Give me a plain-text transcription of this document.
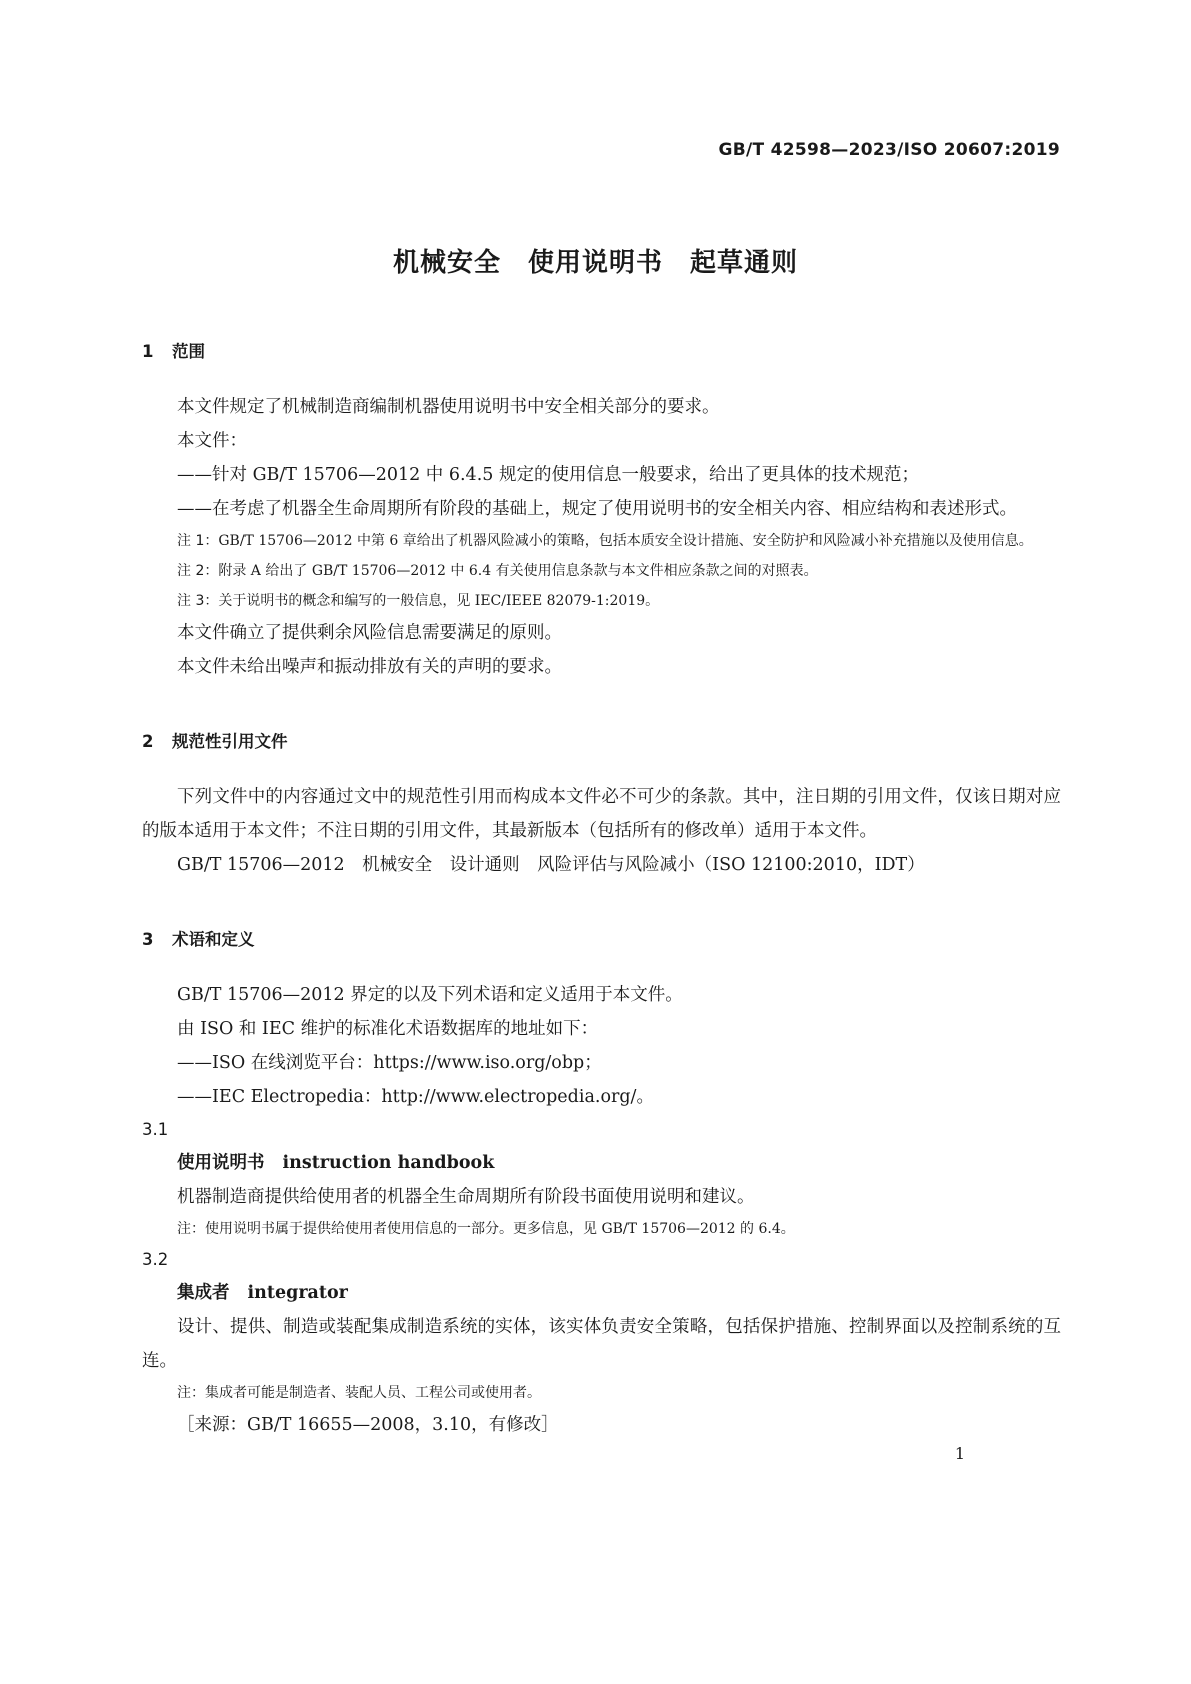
GB/T 42598—2023/ISO 20607:2019
机械安全　使用说明书　起草通则
1 范围

本文件规定了机械制造商编制机器使用说明书中安全相关部分的要求。

本文件：

——针对 GB/T 15706—2012 中 6.4.5 规定的使用信息一般要求，给出了更具体的技术规范；

——在考虑了机器全生命周期所有阶段的基础上，规定了使用说明书的安全相关内容、相应结构和表述形式。

注 1：GB/T 15706—2012 中第 6 章给出了机器风险减小的策略，包括本质安全设计措施、安全防护和风险减小补充措施以及使用信息。

注 2：附录 A 给出了 GB/T 15706—2012 中 6.4 有关使用信息条款与本文件相应条款之间的对照表。

注 3：关于说明书的概念和编写的一般信息，见 IEC/IEEE 82079-1:2019。

本文件确立了提供剩余风险信息需要满足的原则。

本文件未给出噪声和振动排放有关的声明的要求。

2 规范性引用文件

下列文件中的内容通过文中的规范性引用而构成本文件必不可少的条款。其中，注日期的引用文件，仅该日期对应的版本适用于本文件；不注日期的引用文件，其最新版本（包括所有的修改单）适用于本文件。

GB/T 15706—2012　机械安全　设计通则　风险评估与风险减小（ISO 12100:2010，IDT）

3 术语和定义

GB/T 15706—2012 界定的以及下列术语和定义适用于本文件。

由 ISO 和 IEC 维护的标准化术语数据库的地址如下：

——ISO 在线浏览平台：https://www.iso.org/obp；

——IEC Electropedia：http://www.electropedia.org/。

3.1

使用说明书 instruction handbook

机器制造商提供给使用者的机器全生命周期所有阶段书面使用说明和建议。

注：使用说明书属于提供给使用者使用信息的一部分。更多信息，见 GB/T 15706—2012 的 6.4。

3.2

集成者 integrator

设计、提供、制造或装配集成制造系统的实体，该实体负责安全策略，包括保护措施、控制界面以及控制系统的互连。

注：集成者可能是制造者、装配人员、工程公司或使用者。

［来源：GB/T 16655—2008，3.10，有修改］

1
